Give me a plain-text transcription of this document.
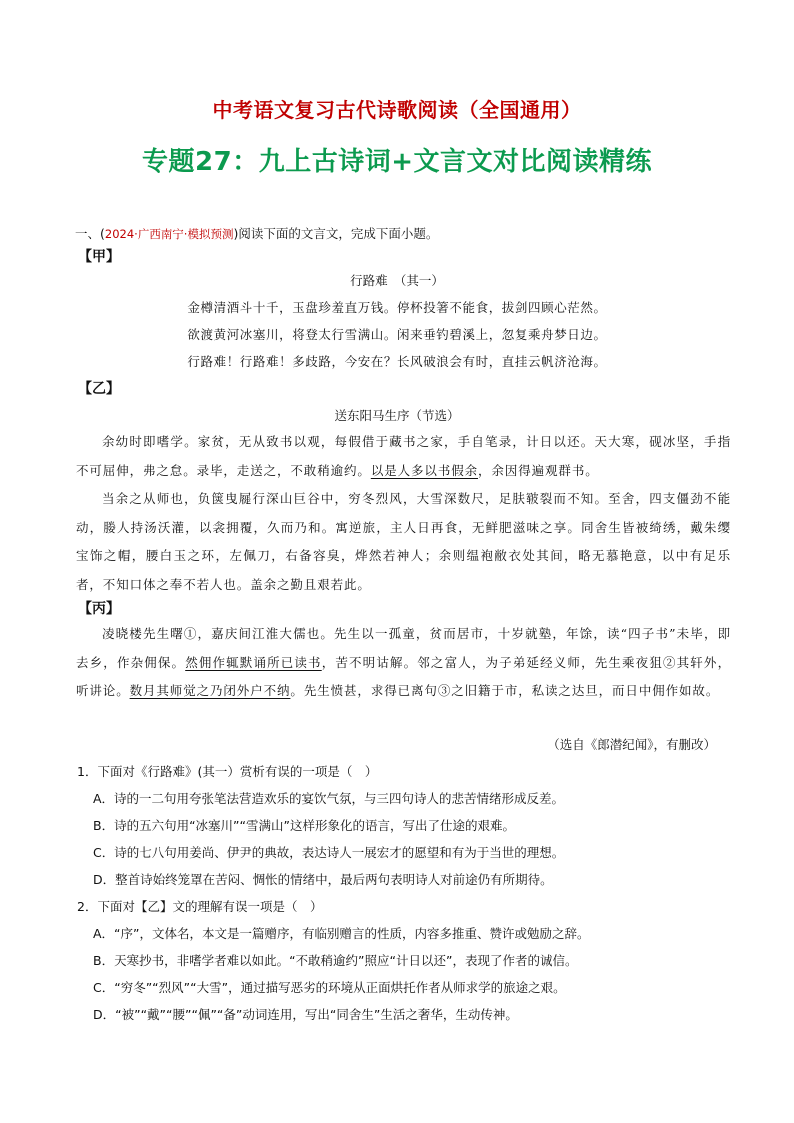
中考语文复习古代诗歌阅读（全国通用）
专题27：九上古诗词+文言文对比阅读精练
一、(2024·广西南宁·模拟预测)阅读下面的文言文，完成下面小题。
【甲】
行路难　（其一）
金樽清酒斗十千，玉盘珍羞直万钱。停杯投箸不能食，拔剑四顾心茫然。
欲渡黄河冰塞川，将登太行雪满山。闲来垂钓碧溪上，忽复乘舟梦日边。
行路难！行路难！多歧路，今安在？长风破浪会有时，直挂云帆济沧海。
【乙】
送东阳马生序（节选）
余幼时即嗜学。家贫，无从致书以观，每假借于藏书之家，手自笔录，计日以还。天大寒，砚冰坚，手指不可屈伸，弗之怠。录毕，走送之，不敢稍逾约。以是人多以书假余，余因得遍观群书。
当余之从师也，负箧曳屣行深山巨谷中，穷冬烈风，大雪深数尺，足肤皲裂而不知。至舍，四支僵劲不能动，媵人持汤沃灌，以衾拥覆，久而乃和。寓逆旅，主人日再食，无鲜肥滋味之享。同舍生皆被绮绣，戴朱缨宝饰之帽，腰白玉之环，左佩刀，右备容臭，烨然若神人；余则缊袍敝衣处其间，略无慕艳意，以中有足乐者，不知口体之奉不若人也。盖余之勤且艰若此。
【丙】
凌晓楼先生曙①，嘉庆间江淮大儒也。先生以一孤童，贫而居市，十岁就塾，年馀，读“四子书”未毕，即去乡，作杂佣保。然佣作辄默诵所已读书，苦不明诂解。邻之富人，为子弟延经义师，先生乘夜狙②其轩外，听讲论。数月其师觉之乃闭外户不纳。先生愤甚，求得已离句③之旧籍于市，私读之达旦，而日中佣作如故。
（选自《郎潜纪闻》，有删改）
1．下面对《行路难》(其一）赏析有误的一项是（　）
A．诗的一二句用夸张笔法营造欢乐的宴饮气氛，与三四句诗人的悲苦情绪形成反差。
B．诗的五六句用“冰塞川”“雪满山”这样形象化的语言，写出了仕途的艰难。
C．诗的七八句用姜尚、伊尹的典故，表达诗人一展宏才的愿望和有为于当世的理想。
D．整首诗始终笼罩在苦闷、惆怅的情绪中，最后两句表明诗人对前途仍有所期待。
2．下面对【乙】文的理解有误一项是（　）
A．“序”，文体名，本文是一篇赠序，有临别赠言的性质，内容多推重、赞许或勉励之辞。
B．天寒抄书，非嗜学者难以如此。“不敢稍逾约”照应“计日以还”，表现了作者的诚信。
C．“穷冬”“烈风”“大雪”，通过描写恶劣的环境从正面烘托作者从师求学的旅途之艰。
D．“被”“戴”“腰”“佩”“备”动词连用，写出“同舍生”生活之奢华，生动传神。
